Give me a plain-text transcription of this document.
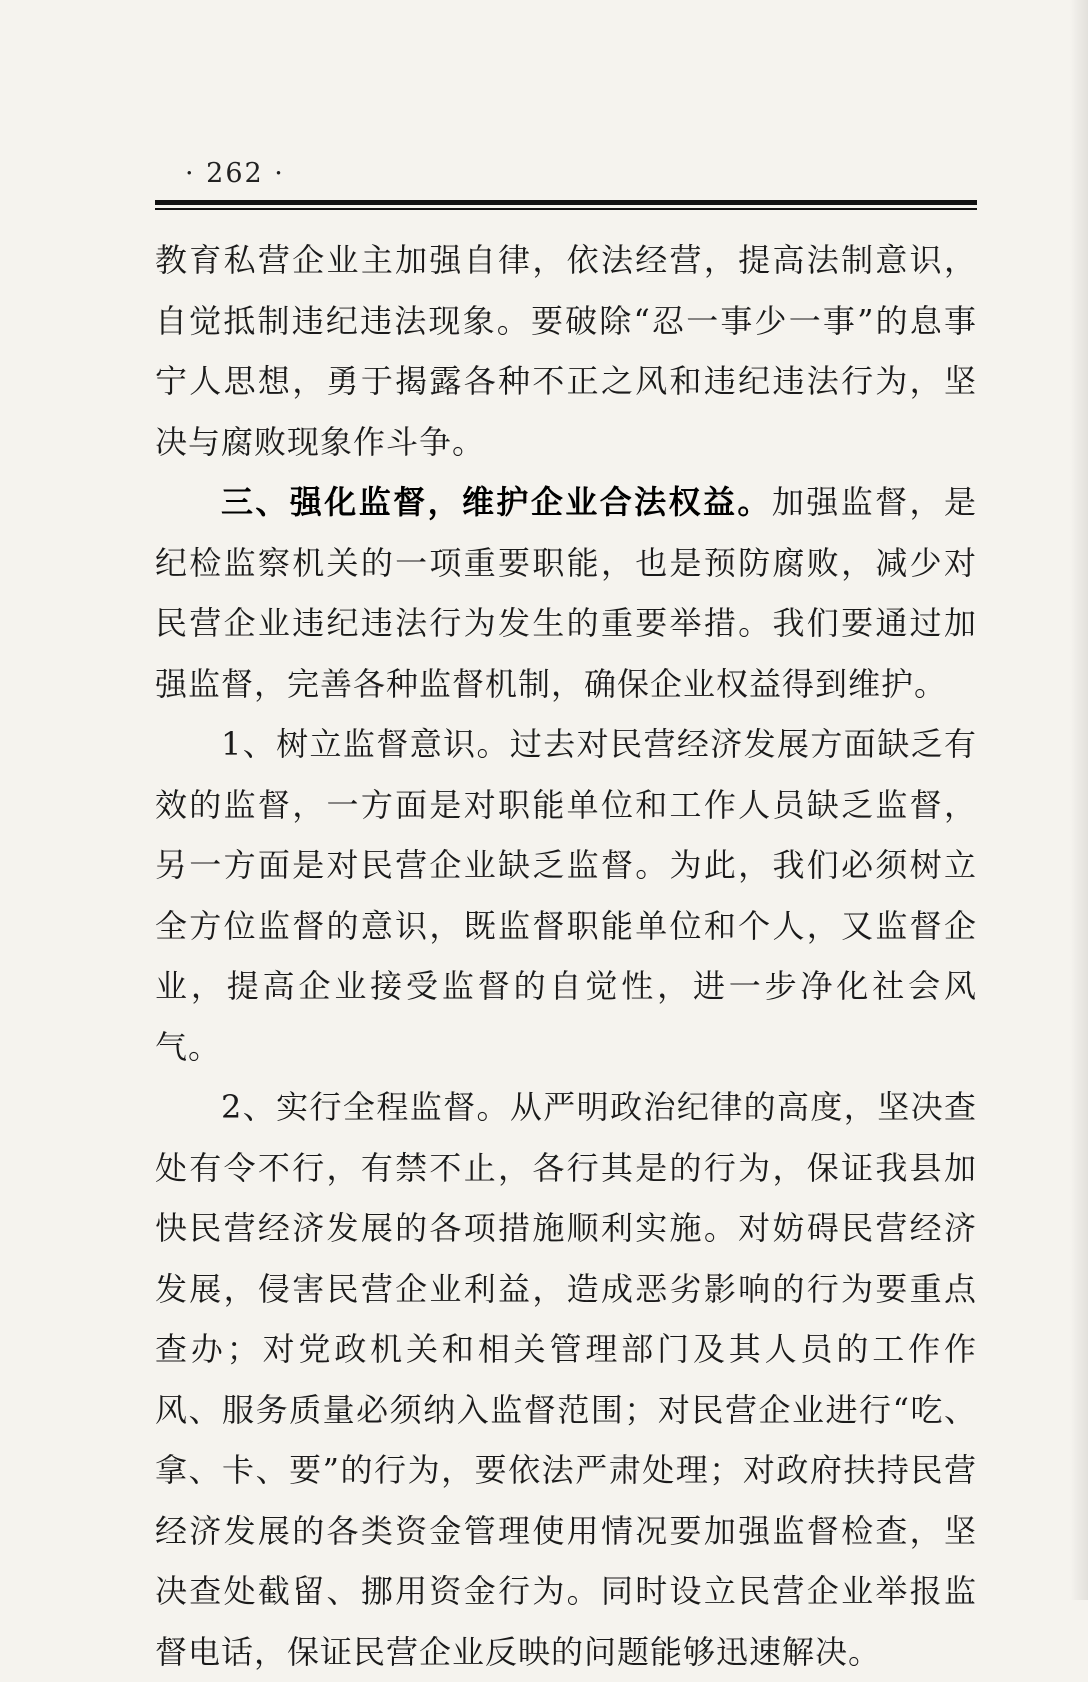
· 262 ·

教育私营企业主加强自律，依法经营，提高法制意识，自觉抵制违纪违法现象。要破除“忍一事少一事”的息事宁人思想，勇于揭露各种不正之风和违纪违法行为，坚决与腐败现象作斗争。

三、强化监督，维护企业合法权益。加强监督，是纪检监察机关的一项重要职能，也是预防腐败，减少对民营企业违纪违法行为发生的重要举措。我们要通过加强监督，完善各种监督机制，确保企业权益得到维护。

1、树立监督意识。过去对民营经济发展方面缺乏有效的监督，一方面是对职能单位和工作人员缺乏监督，另一方面是对民营企业缺乏监督。为此，我们必须树立全方位监督的意识，既监督职能单位和个人，又监督企业，提高企业接受监督的自觉性，进一步净化社会风气。

2、实行全程监督。从严明政治纪律的高度，坚决查处有令不行，有禁不止，各行其是的行为，保证我县加快民营经济发展的各项措施顺利实施。对妨碍民营经济发展，侵害民营企业利益，造成恶劣影响的行为要重点查办；对党政机关和相关管理部门及其人员的工作作风、服务质量必须纳入监督范围；对民营企业进行“吃、拿、卡、要”的行为，要依法严肃处理；对政府扶持民营经济发展的各类资金管理使用情况要加强监督检查，坚决查处截留、挪用资金行为。同时设立民营企业举报监督电话，保证民营企业反映的问题能够迅速解决。
